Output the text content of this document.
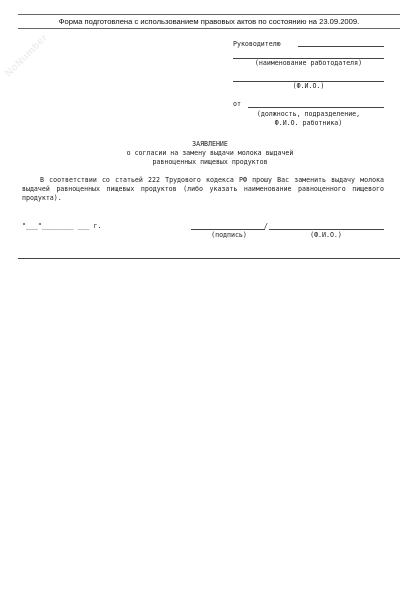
NoNumber
Форма подготовлена с использованием правовых актов по состоянию на 23.09.2009.
Руководителю
(наименование работодателя)
(Ф.И.О.)
от
(должность, подразделение,
Ф.И.О. работника)
ЗАЯВЛЕНИЕ
о согласии на замену выдачи молока выдачей
равноценных пищевых продуктов
В соответствии со статьей 222 Трудового кодекса РФ прошу Вас заменить выдачу молока выдачей равноценных пищевых продуктов (либо указать наименование равноценного пищевого продукта).
"___"________ ___ г.	/
(подпись)	(Ф.И.О.)
